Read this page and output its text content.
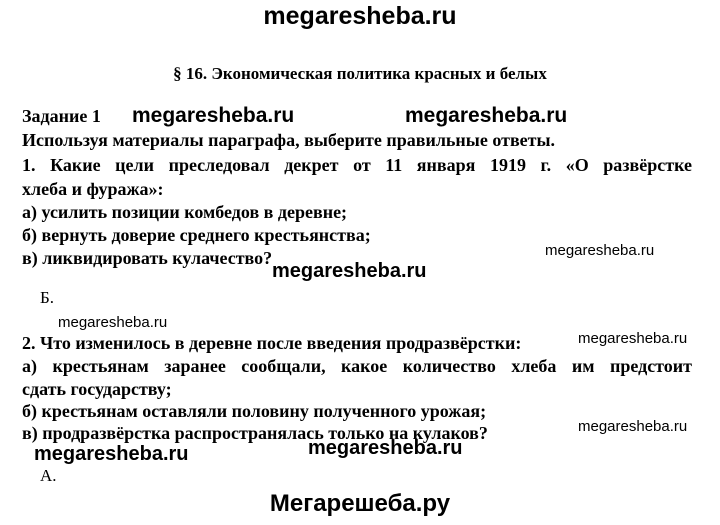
megaresheba.ru
§ 16. Экономическая политика красных и белых
Задание 1 megaresheba.ru	megaresheba.ru
Используя материалы параграфа, выберите правильные ответы.
1. Какие цели преследовал декрет от 11 января 1919 г. «О развёрстке
хлеба и фуража»:
а) усилить позиции комбедов в деревне;
б) вернуть доверие среднего крестьянства;
в) ликвидировать кулачество?	megaresheba.ru
megaresheba.ru
Б.
megaresheba.ru
2. Что изменилось в деревне после введения продразвёрстки:	megaresheba.ru
а) крестьянам заранее сообщали, какое количество хлеба им предстоит
сдать государству;
б) крестьянам оставляли половину полученного урожая;
в) продразвёрстка распространялась только на кулаков?	megaresheba.ru
megaresheba.ru	megaresheba.ru
А.
Мегарешеба.ру
